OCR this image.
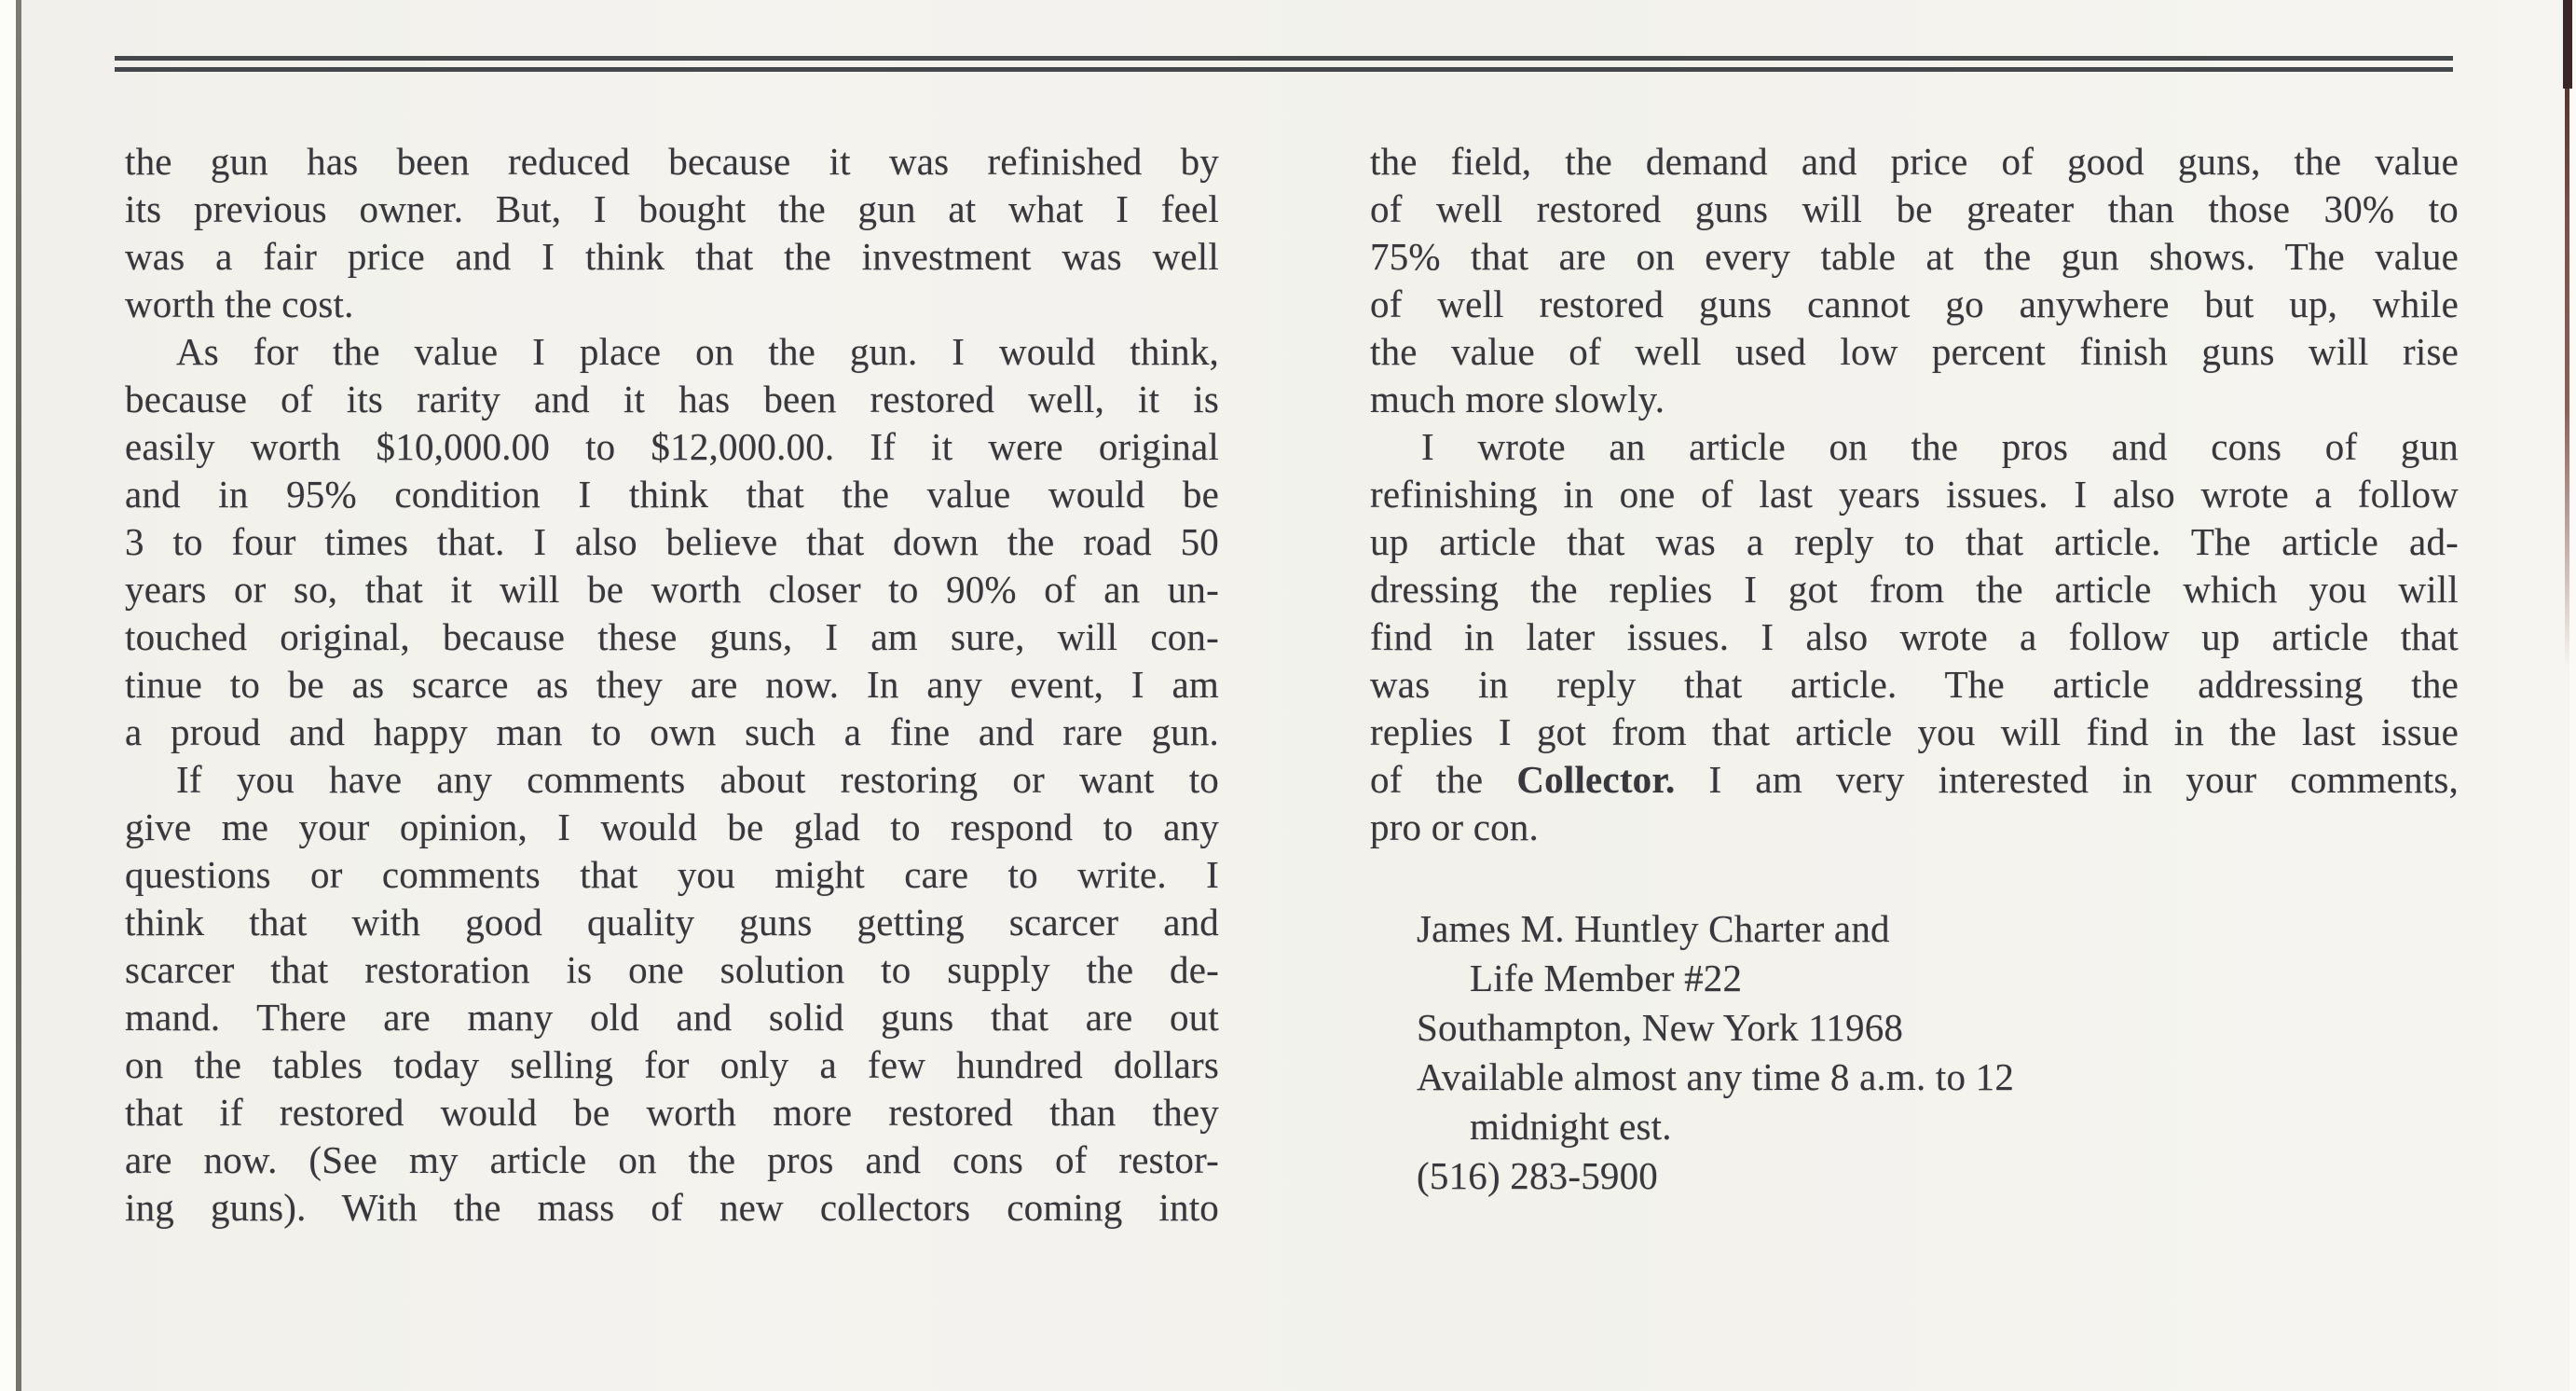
the gun has been reduced because it was refinished by
its previous owner. But, I bought the gun at what I feel
was a fair price and I think that the investment was well
worth the cost.
As for the value I place on the gun. I would think,
because of its rarity and it has been restored well, it is
easily worth $10,000.00 to $12,000.00. If it were original
and in 95% condition I think that the value would be
3 to four times that. I also believe that down the road 50
years or so, that it will be worth closer to 90% of an un-
touched original, because these guns, I am sure, will con-
tinue to be as scarce as they are now. In any event, I am
a proud and happy man to own such a fine and rare gun.
If you have any comments about restoring or want to
give me your opinion, I would be glad to respond to any
questions or comments that you might care to write. I
think that with good quality guns getting scarcer and
scarcer that restoration is one solution to supply the de-
mand. There are many old and solid guns that are out
on the tables today selling for only a few hundred dollars
that if restored would be worth more restored than they
are now. (See my article on the pros and cons of restor-
ing guns). With the mass of new collectors coming into
the field, the demand and price of good guns, the value
of well restored guns will be greater than those 30% to
75% that are on every table at the gun shows. The value
of well restored guns cannot go anywhere but up, while
the value of well used low percent finish guns will rise
much more slowly.
I wrote an article on the pros and cons of gun
refinishing in one of last years issues. I also wrote a follow
up article that was a reply to that article. The article ad-
dressing the replies I got from the article which you will
find in later issues. I also wrote a follow up article that
was in reply that article. The article addressing the
replies I got from that article you will find in the last issue
of the Collector. I am very interested in your comments,
pro or con.
James M. Huntley Charter and
Life Member #22
Southampton, New York 11968
Available almost any time 8 a.m. to 12
midnight est.
(516) 283-5900
